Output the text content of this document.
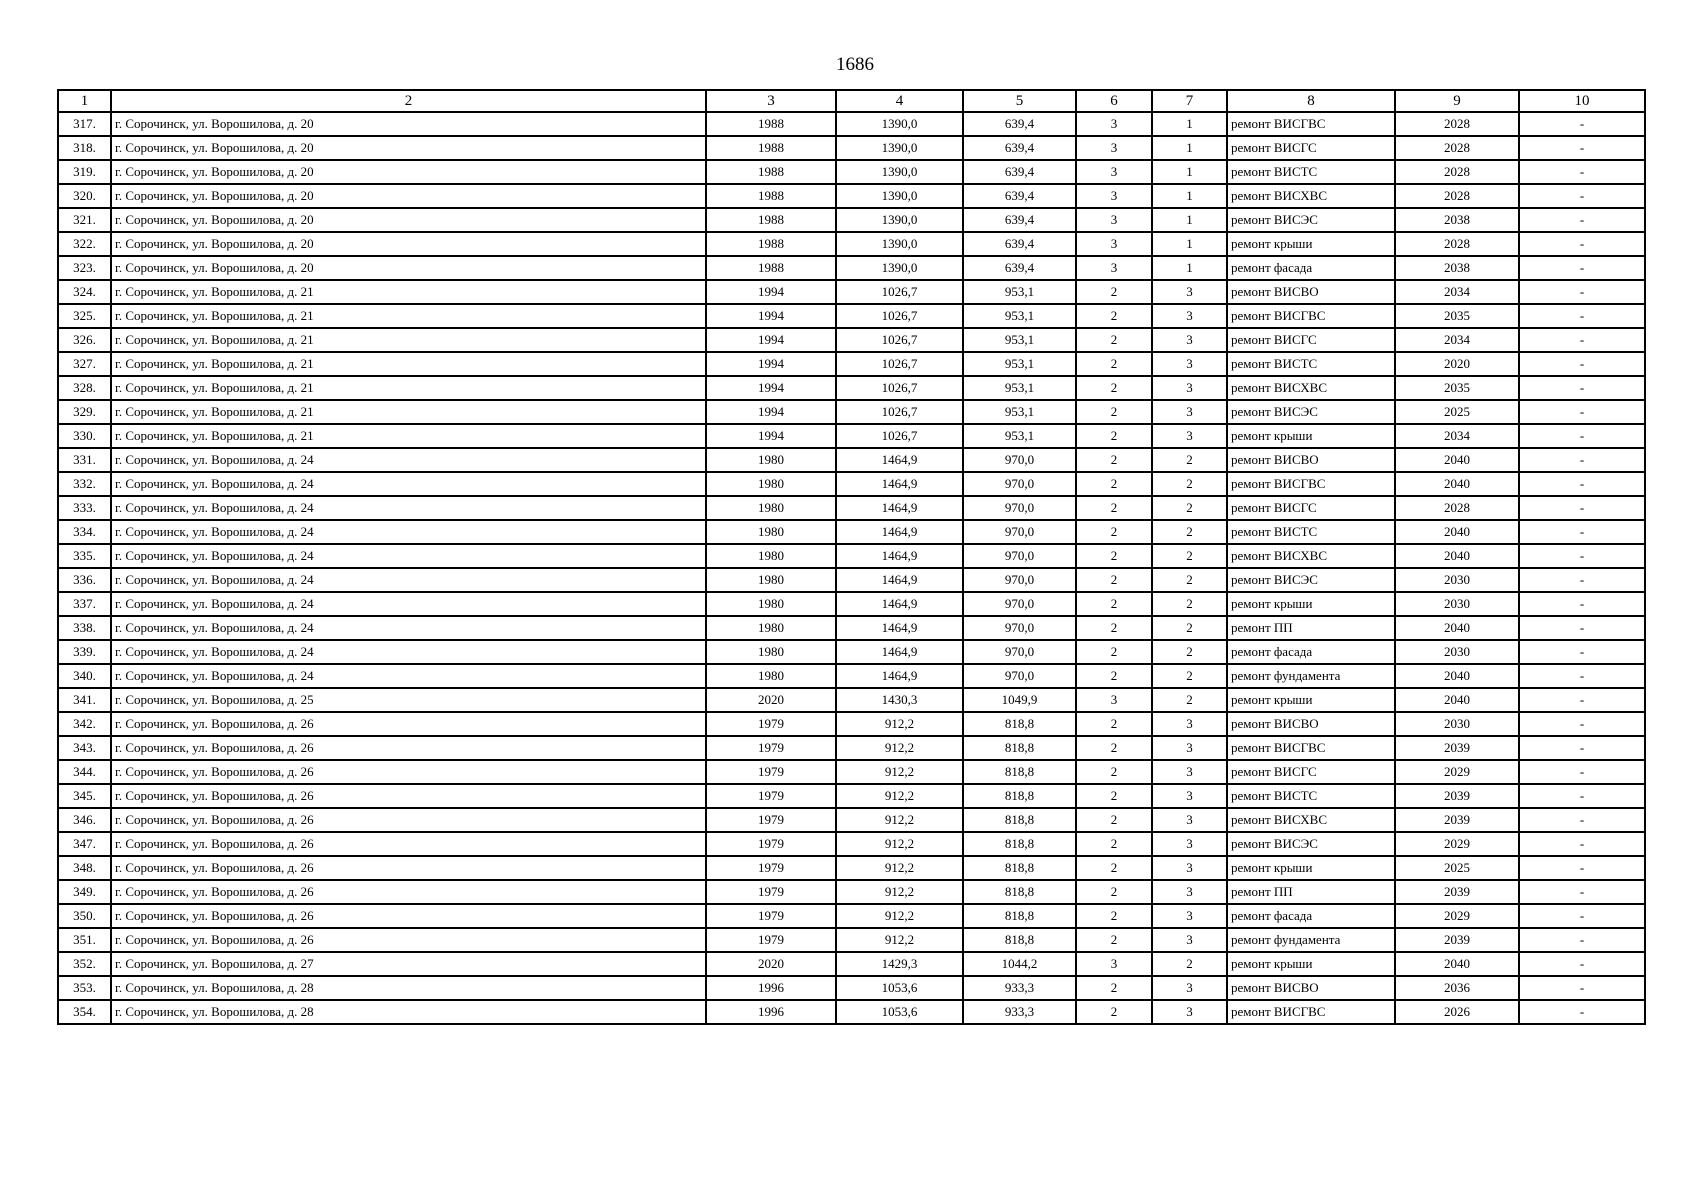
1686
1	2	3	4	5	6	7	8	9	10
317.	г. Сорочинск, ул. Ворошилова, д. 20	1988	1390,0	639,4	3	1	ремонт ВИСГВС	2028	-
318.	г. Сорочинск, ул. Ворошилова, д. 20	1988	1390,0	639,4	3	1	ремонт ВИСГС	2028	-
319.	г. Сорочинск, ул. Ворошилова, д. 20	1988	1390,0	639,4	3	1	ремонт ВИСТС	2028	-
320.	г. Сорочинск, ул. Ворошилова, д. 20	1988	1390,0	639,4	3	1	ремонт ВИСХВС	2028	-
321.	г. Сорочинск, ул. Ворошилова, д. 20	1988	1390,0	639,4	3	1	ремонт ВИСЭС	2038	-
322.	г. Сорочинск, ул. Ворошилова, д. 20	1988	1390,0	639,4	3	1	ремонт крыши	2028	-
323.	г. Сорочинск, ул. Ворошилова, д. 20	1988	1390,0	639,4	3	1	ремонт фасада	2038	-
324.	г. Сорочинск, ул. Ворошилова, д. 21	1994	1026,7	953,1	2	3	ремонт ВИСВО	2034	-
325.	г. Сорочинск, ул. Ворошилова, д. 21	1994	1026,7	953,1	2	3	ремонт ВИСГВС	2035	-
326.	г. Сорочинск, ул. Ворошилова, д. 21	1994	1026,7	953,1	2	3	ремонт ВИСГС	2034	-
327.	г. Сорочинск, ул. Ворошилова, д. 21	1994	1026,7	953,1	2	3	ремонт ВИСТС	2020	-
328.	г. Сорочинск, ул. Ворошилова, д. 21	1994	1026,7	953,1	2	3	ремонт ВИСХВС	2035	-
329.	г. Сорочинск, ул. Ворошилова, д. 21	1994	1026,7	953,1	2	3	ремонт ВИСЭС	2025	-
330.	г. Сорочинск, ул. Ворошилова, д. 21	1994	1026,7	953,1	2	3	ремонт крыши	2034	-
331.	г. Сорочинск, ул. Ворошилова, д. 24	1980	1464,9	970,0	2	2	ремонт ВИСВО	2040	-
332.	г. Сорочинск, ул. Ворошилова, д. 24	1980	1464,9	970,0	2	2	ремонт ВИСГВС	2040	-
333.	г. Сорочинск, ул. Ворошилова, д. 24	1980	1464,9	970,0	2	2	ремонт ВИСГС	2028	-
334.	г. Сорочинск, ул. Ворошилова, д. 24	1980	1464,9	970,0	2	2	ремонт ВИСТС	2040	-
335.	г. Сорочинск, ул. Ворошилова, д. 24	1980	1464,9	970,0	2	2	ремонт ВИСХВС	2040	-
336.	г. Сорочинск, ул. Ворошилова, д. 24	1980	1464,9	970,0	2	2	ремонт ВИСЭС	2030	-
337.	г. Сорочинск, ул. Ворошилова, д. 24	1980	1464,9	970,0	2	2	ремонт крыши	2030	-
338.	г. Сорочинск, ул. Ворошилова, д. 24	1980	1464,9	970,0	2	2	ремонт ПП	2040	-
339.	г. Сорочинск, ул. Ворошилова, д. 24	1980	1464,9	970,0	2	2	ремонт фасада	2030	-
340.	г. Сорочинск, ул. Ворошилова, д. 24	1980	1464,9	970,0	2	2	ремонт фундамента	2040	-
341.	г. Сорочинск, ул. Ворошилова, д. 25	2020	1430,3	1049,9	3	2	ремонт крыши	2040	-
342.	г. Сорочинск, ул. Ворошилова, д. 26	1979	912,2	818,8	2	3	ремонт ВИСВО	2030	-
343.	г. Сорочинск, ул. Ворошилова, д. 26	1979	912,2	818,8	2	3	ремонт ВИСГВС	2039	-
344.	г. Сорочинск, ул. Ворошилова, д. 26	1979	912,2	818,8	2	3	ремонт ВИСГС	2029	-
345.	г. Сорочинск, ул. Ворошилова, д. 26	1979	912,2	818,8	2	3	ремонт ВИСТС	2039	-
346.	г. Сорочинск, ул. Ворошилова, д. 26	1979	912,2	818,8	2	3	ремонт ВИСХВС	2039	-
347.	г. Сорочинск, ул. Ворошилова, д. 26	1979	912,2	818,8	2	3	ремонт ВИСЭС	2029	-
348.	г. Сорочинск, ул. Ворошилова, д. 26	1979	912,2	818,8	2	3	ремонт крыши	2025	-
349.	г. Сорочинск, ул. Ворошилова, д. 26	1979	912,2	818,8	2	3	ремонт ПП	2039	-
350.	г. Сорочинск, ул. Ворошилова, д. 26	1979	912,2	818,8	2	3	ремонт фасада	2029	-
351.	г. Сорочинск, ул. Ворошилова, д. 26	1979	912,2	818,8	2	3	ремонт фундамента	2039	-
352.	г. Сорочинск, ул. Ворошилова, д. 27	2020	1429,3	1044,2	3	2	ремонт крыши	2040	-
353.	г. Сорочинск, ул. Ворошилова, д. 28	1996	1053,6	933,3	2	3	ремонт ВИСВО	2036	-
354.	г. Сорочинск, ул. Ворошилова, д. 28	1996	1053,6	933,3	2	3	ремонт ВИСГВС	2026	-
